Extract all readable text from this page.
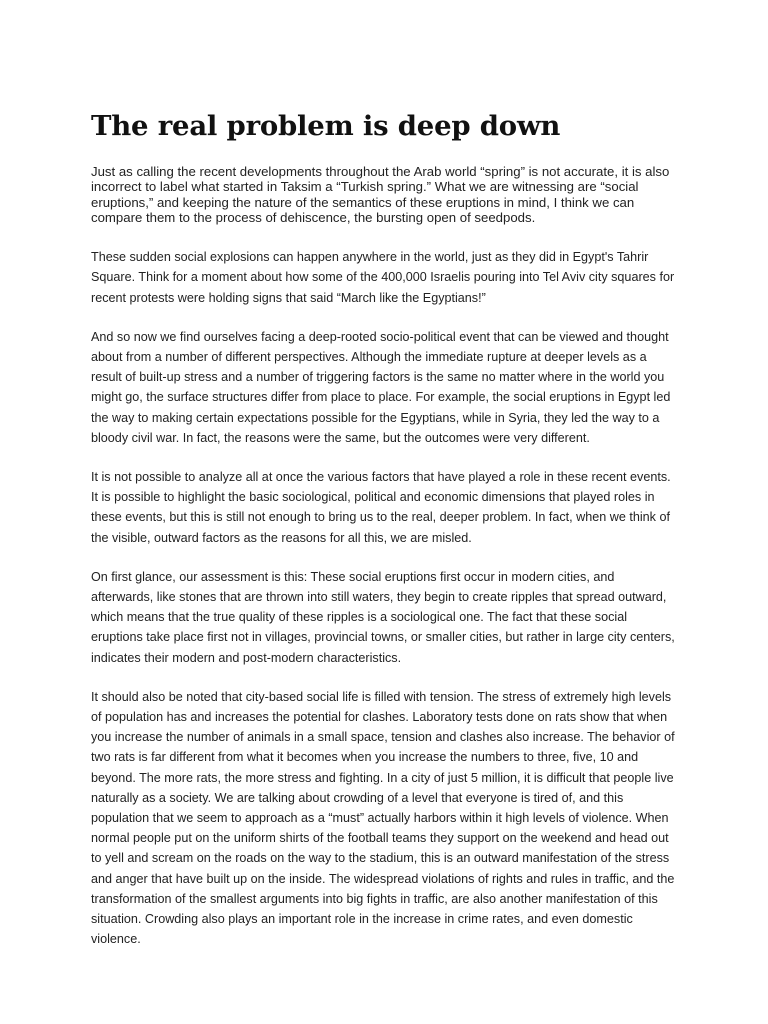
The real problem is deep down

Just as calling the recent developments throughout the Arab world “spring” is not accurate, it is also incorrect to label what started in Taksim a “Turkish spring.” What we are witnessing are “social eruptions,” and keeping the nature of the semantics of these eruptions in mind, I think we can compare them to the process of dehiscence, the bursting open of seedpods.

These sudden social explosions can happen anywhere in the world, just as they did in Egypt's Tahrir Square. Think for a moment about how some of the 400,000 Israelis pouring into Tel Aviv city squares for recent protests were holding signs that said “March like the Egyptians!”

And so now we find ourselves facing a deep-rooted socio-political event that can be viewed and thought about from a number of different perspectives. Although the immediate rupture at deeper levels as a result of built-up stress and a number of triggering factors is the same no matter where in the world you might go, the surface structures differ from place to place. For example, the social eruptions in Egypt led the way to making certain expectations possible for the Egyptians, while in Syria, they led the way to a bloody civil war. In fact, the reasons were the same, but the outcomes were very different.

It is not possible to analyze all at once the various factors that have played a role in these recent events. It is possible to highlight the basic sociological, political and economic dimensions that played roles in these events, but this is still not enough to bring us to the real, deeper problem. In fact, when we think of the visible, outward factors as the reasons for all this, we are misled.

On first glance, our assessment is this: These social eruptions first occur in modern cities, and afterwards, like stones that are thrown into still waters, they begin to create ripples that spread outward, which means that the true quality of these ripples is a sociological one. The fact that these social eruptions take place first not in villages, provincial towns, or smaller cities, but rather in large city centers, indicates their modern and post-modern characteristics.

It should also be noted that city-based social life is filled with tension. The stress of extremely high levels of population has and increases the potential for clashes. Laboratory tests done on rats show that when you increase the number of animals in a small space, tension and clashes also increase. The behavior of two rats is far different from what it becomes when you increase the numbers to three, five, 10 and beyond. The more rats, the more stress and fighting. In a city of just 5 million, it is difficult that people live naturally as a society. We are talking about crowding of a level that everyone is tired of, and this population that we seem to approach as a “must” actually harbors within it high levels of violence. When normal people put on the uniform shirts of the football teams they support on the weekend and head out to yell and scream on the roads on the way to the stadium, this is an outward manifestation of the stress and anger that have built up on the inside. The widespread violations of rights and rules in traffic, and the transformation of the smallest arguments into big fights in traffic, are also another manifestation of this situation. Crowding also plays an important role in the increase in crime rates, and even domestic violence.
